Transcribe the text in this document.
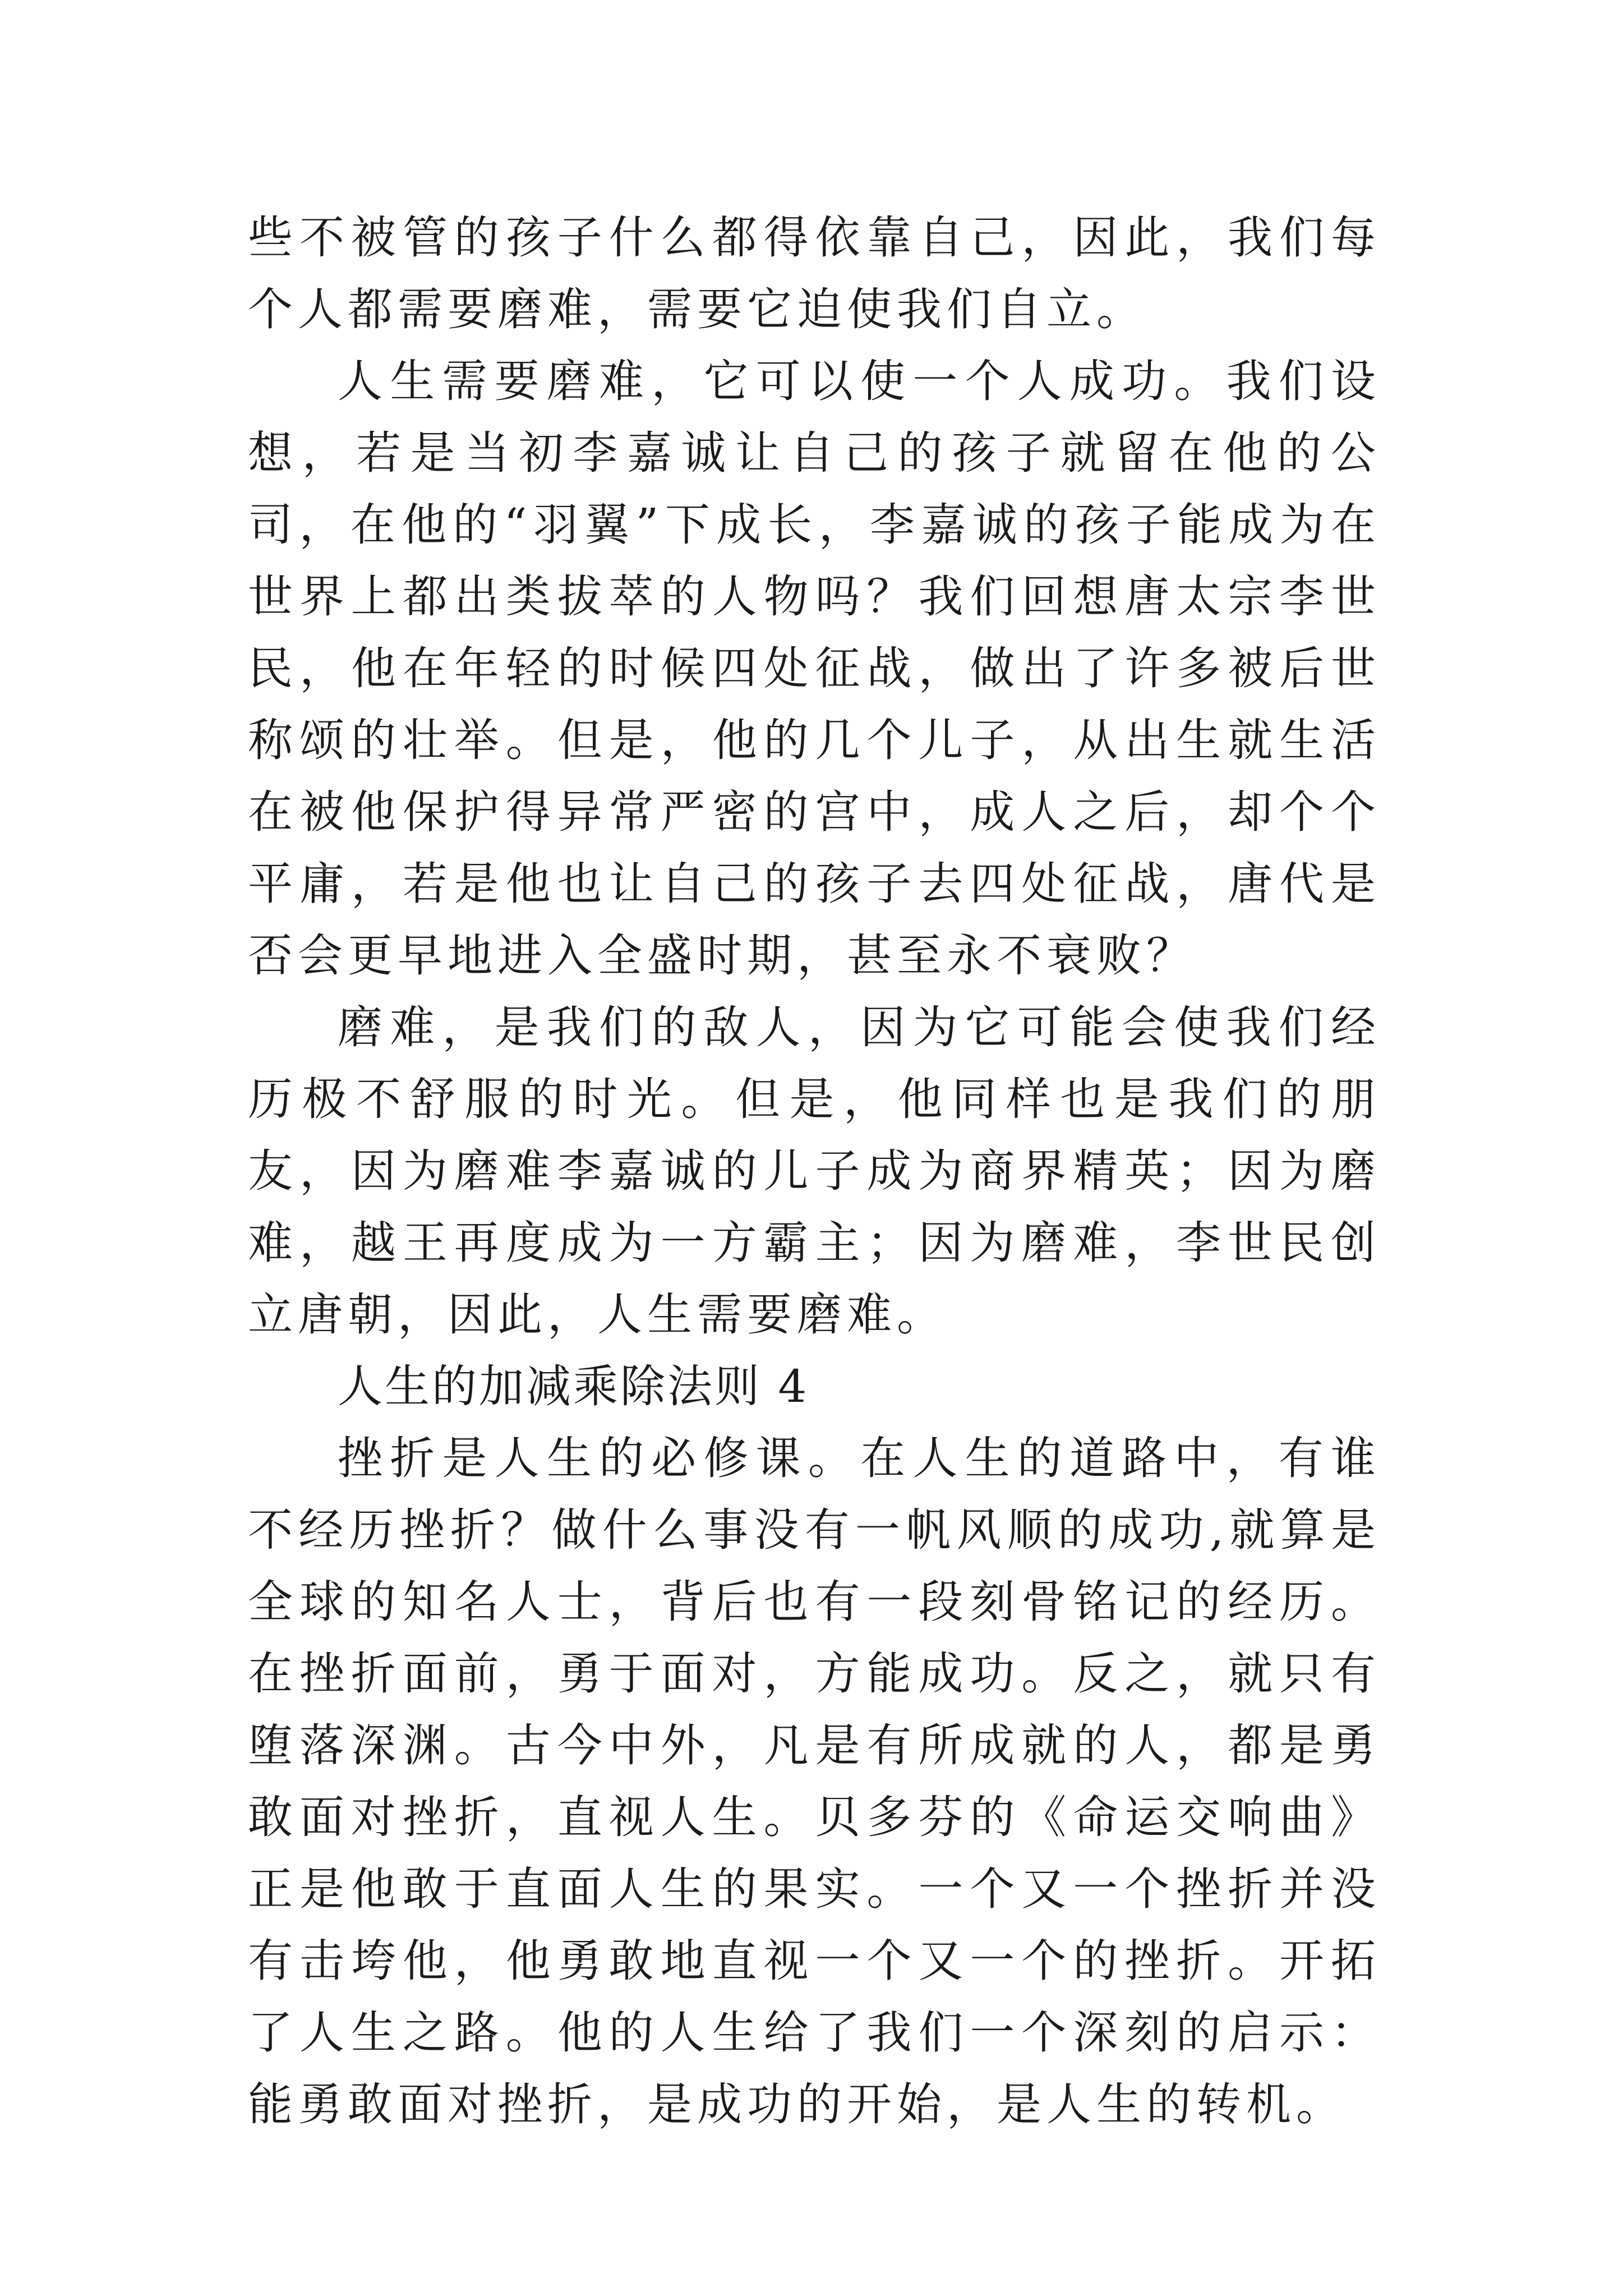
些不被管的孩子什么都得依靠自己，因此，我们每个人都需要磨难，需要它迫使我们自立。

人生需要磨难，它可以使一个人成功。我们设想，若是当初李嘉诚让自己的孩子就留在他的公司，在他的“羽翼”下成长，李嘉诚的孩子能成为在世界上都出类拔萃的人物吗？我们回想唐太宗李世民，他在年轻的时候四处征战，做出了许多被后世称颂的壮举。但是，他的几个儿子，从出生就生活在被他保护得异常严密的宫中，成人之后，却个个平庸，若是他也让自己的孩子去四处征战，唐代是否会更早地进入全盛时期，甚至永不衰败？

磨难，是我们的敌人，因为它可能会使我们经历极不舒服的时光。但是，他同样也是我们的朋友，因为磨难李嘉诚的儿子成为商界精英；因为磨难，越王再度成为一方霸主；因为磨难，李世民创立唐朝，因此，人生需要磨难。

人生的加减乘除法则 4

挫折是人生的必修课。在人生的道路中，有谁不经历挫折？做什么事没有一帆风顺的成功,就算是全球的知名人士，背后也有一段刻骨铭记的经历。在挫折面前，勇于面对，方能成功。反之，就只有堕落深渊。古今中外，凡是有所成就的人，都是勇敢面对挫折，直视人生。贝多芬的《命运交响曲》正是他敢于直面人生的果实。一个又一个挫折并没有击垮他，他勇敢地直视一个又一个的挫折。开拓了人生之路。他的人生给了我们一个深刻的启示：能勇敢面对挫折，是成功的开始，是人生的转机。
